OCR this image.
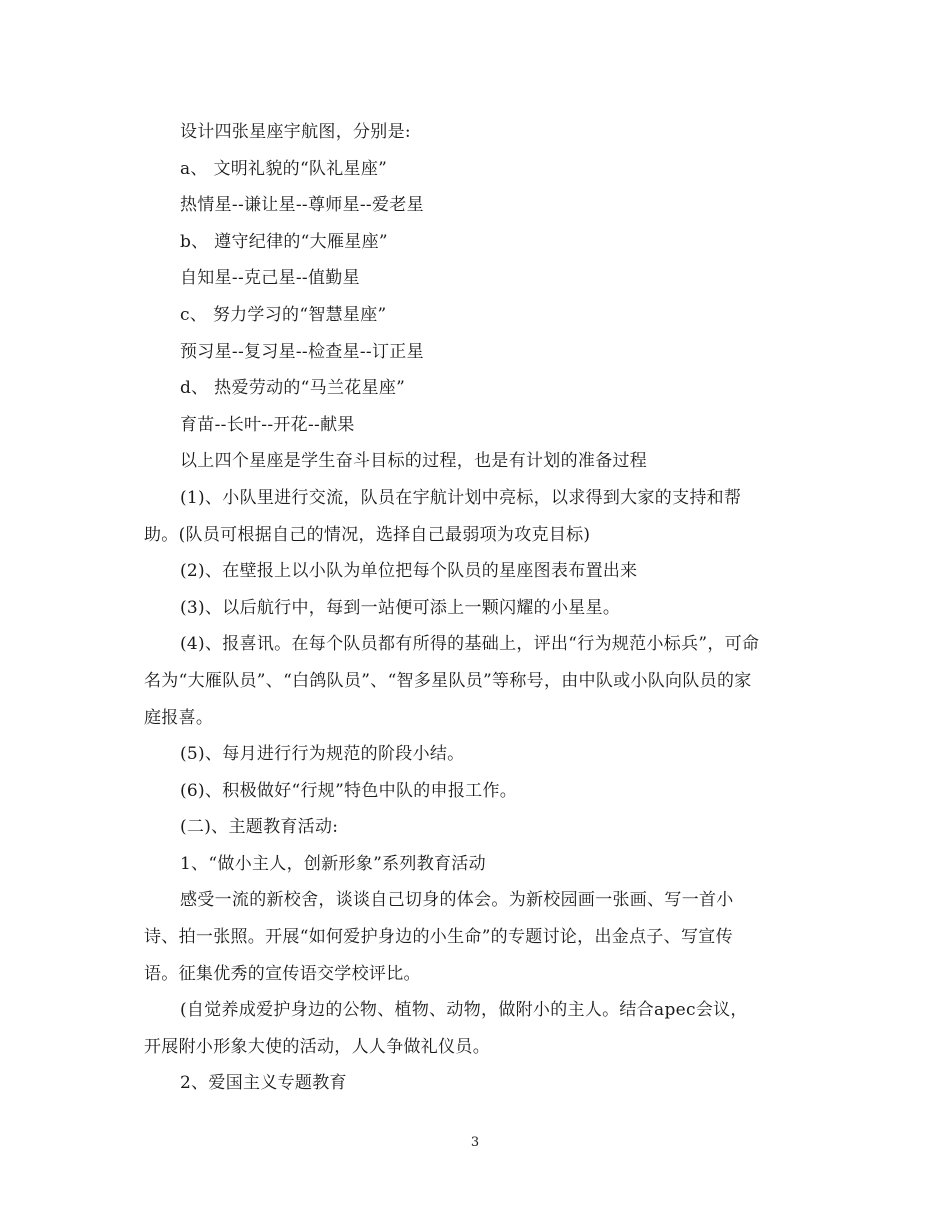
设计四张星座宇航图，分别是:
a、 文明礼貌的“队礼星座”
热情星--谦让星--尊师星--爱老星
b、 遵守纪律的“大雁星座”
自知星--克己星--值勤星
c、 努力学习的“智慧星座”
预习星--复习星--检查星--订正星
d、 热爱劳动的“马兰花星座”
育苗--长叶--开花--献果
以上四个星座是学生奋斗目标的过程，也是有计划的准备过程
(1)、小队里进行交流，队员在宇航计划中亮标，以求得到大家的支持和帮
助。(队员可根据自己的情况，选择自己最弱项为攻克目标)
(2)、在壁报上以小队为单位把每个队员的星座图表布置出来
(3)、以后航行中，每到一站便可添上一颗闪耀的小星星。
(4)、报喜讯。在每个队员都有所得的基础上，评出“行为规范小标兵”，可命
名为“大雁队员”、“白鸽队员”、“智多星队员”等称号，由中队或小队向队员的家
庭报喜。
(5)、每月进行行为规范的阶段小结。
(6)、积极做好“行规”特色中队的申报工作。
(二)、主题教育活动:
1、“做小主人，创新形象”系列教育活动
感受一流的新校舍，谈谈自己切身的体会。为新校园画一张画、写一首小
诗、拍一张照。开展“如何爱护身边的小生命”的专题讨论，出金点子、写宣传
语。征集优秀的宣传语交学校评比。
(自觉养成爱护身边的公物、植物、动物，做附小的主人。结合apec会议，
开展附小形象大使的活动，人人争做礼仪员。
2、爱国主义专题教育
3
